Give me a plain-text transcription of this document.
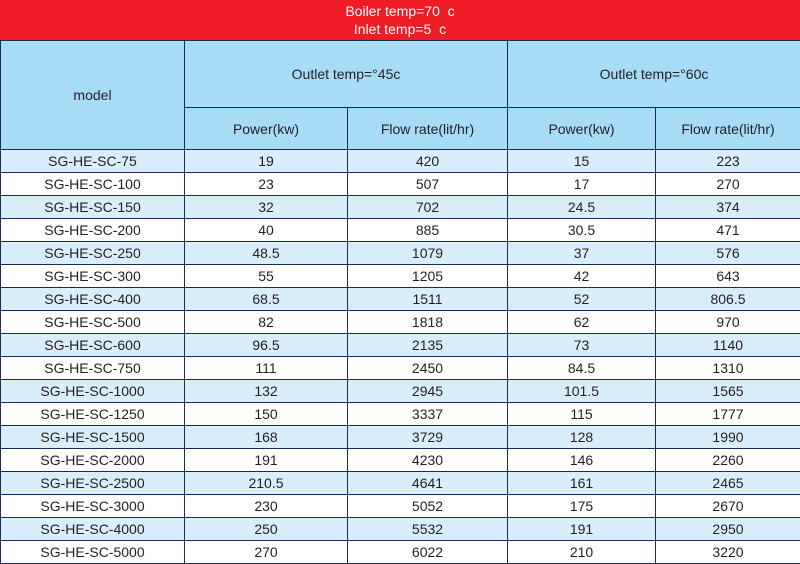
Boiler temp=70  c
Inlet temp=5  c
model	Outlet temp=°45c		Outlet temp=°60c	
	Power(kw)	Flow rate(lit/hr)	Power(kw)	Flow rate(lit/hr)
SG-HE-SC-75	19	420	15	223
SG-HE-SC-100	23	507	17	270
SG-HE-SC-150	32	702	24.5	374
SG-HE-SC-200	40	885	30.5	471
SG-HE-SC-250	48.5	1079	37	576
SG-HE-SC-300	55	1205	42	643
SG-HE-SC-400	68.5	1511	52	806.5
SG-HE-SC-500	82	1818	62	970
SG-HE-SC-600	96.5	2135	73	1140
SG-HE-SC-750	111	2450	84.5	1310
SG-HE-SC-1000	132	2945	101.5	1565
SG-HE-SC-1250	150	3337	115	1777
SG-HE-SC-1500	168	3729	128	1990
SG-HE-SC-2000	191	4230	146	2260
SG-HE-SC-2500	210.5	4641	161	2465
SG-HE-SC-3000	230	5052	175	2670
SG-HE-SC-4000	250	5532	191	2950
SG-HE-SC-5000	270	6022	210	3220
